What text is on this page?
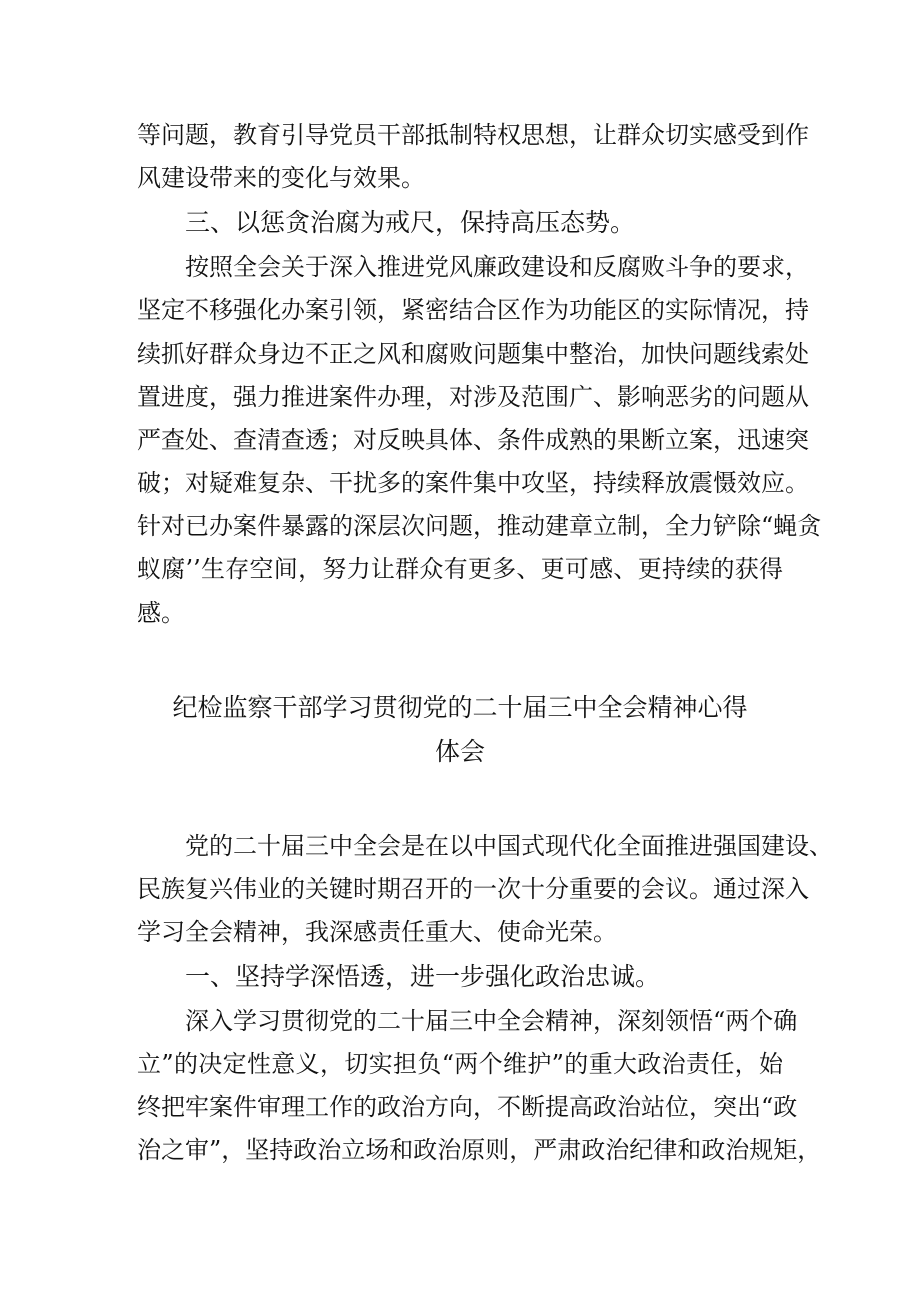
等问题，教育引导党员干部抵制特权思想，让群众切实感受到作
风建设带来的变化与效果。
三、以惩贪治腐为戒尺，保持高压态势。
按照全会关于深入推进党风廉政建设和反腐败斗争的要求，
坚定不移强化办案引领，紧密结合区作为功能区的实际情况，持
续抓好群众身边不正之风和腐败问题集中整治，加快问题线索处
置进度，强力推进案件办理，对涉及范围广、影响恶劣的问题从
严查处、查清查透；对反映具体、条件成熟的果断立案，迅速突
破；对疑难复杂、干扰多的案件集中攻坚，持续释放震慑效应。
针对已办案件暴露的深层次问题，推动建章立制，全力铲除“蝇贪
蚁腐’’生存空间，努力让群众有更多、更可感、更持续的获得
感。
纪检监察干部学习贯彻党的二十届三中全会精神心得
体会
党的二十届三中全会是在以中国式现代化全面推进强国建设、
民族复兴伟业的关键时期召开的一次十分重要的会议。通过深入
学习全会精神，我深感责任重大、使命光荣。
一、坚持学深悟透，进一步强化政治忠诚。
深入学习贯彻党的二十届三中全会精神，深刻领悟“两个确
立”的决定性意义，切实担负“两个维护”的重大政治责任，始
终把牢案件审理工作的政治方向，不断提高政治站位，突出“政
治之审”，坚持政治立场和政治原则，严肃政治纪律和政治规矩，
